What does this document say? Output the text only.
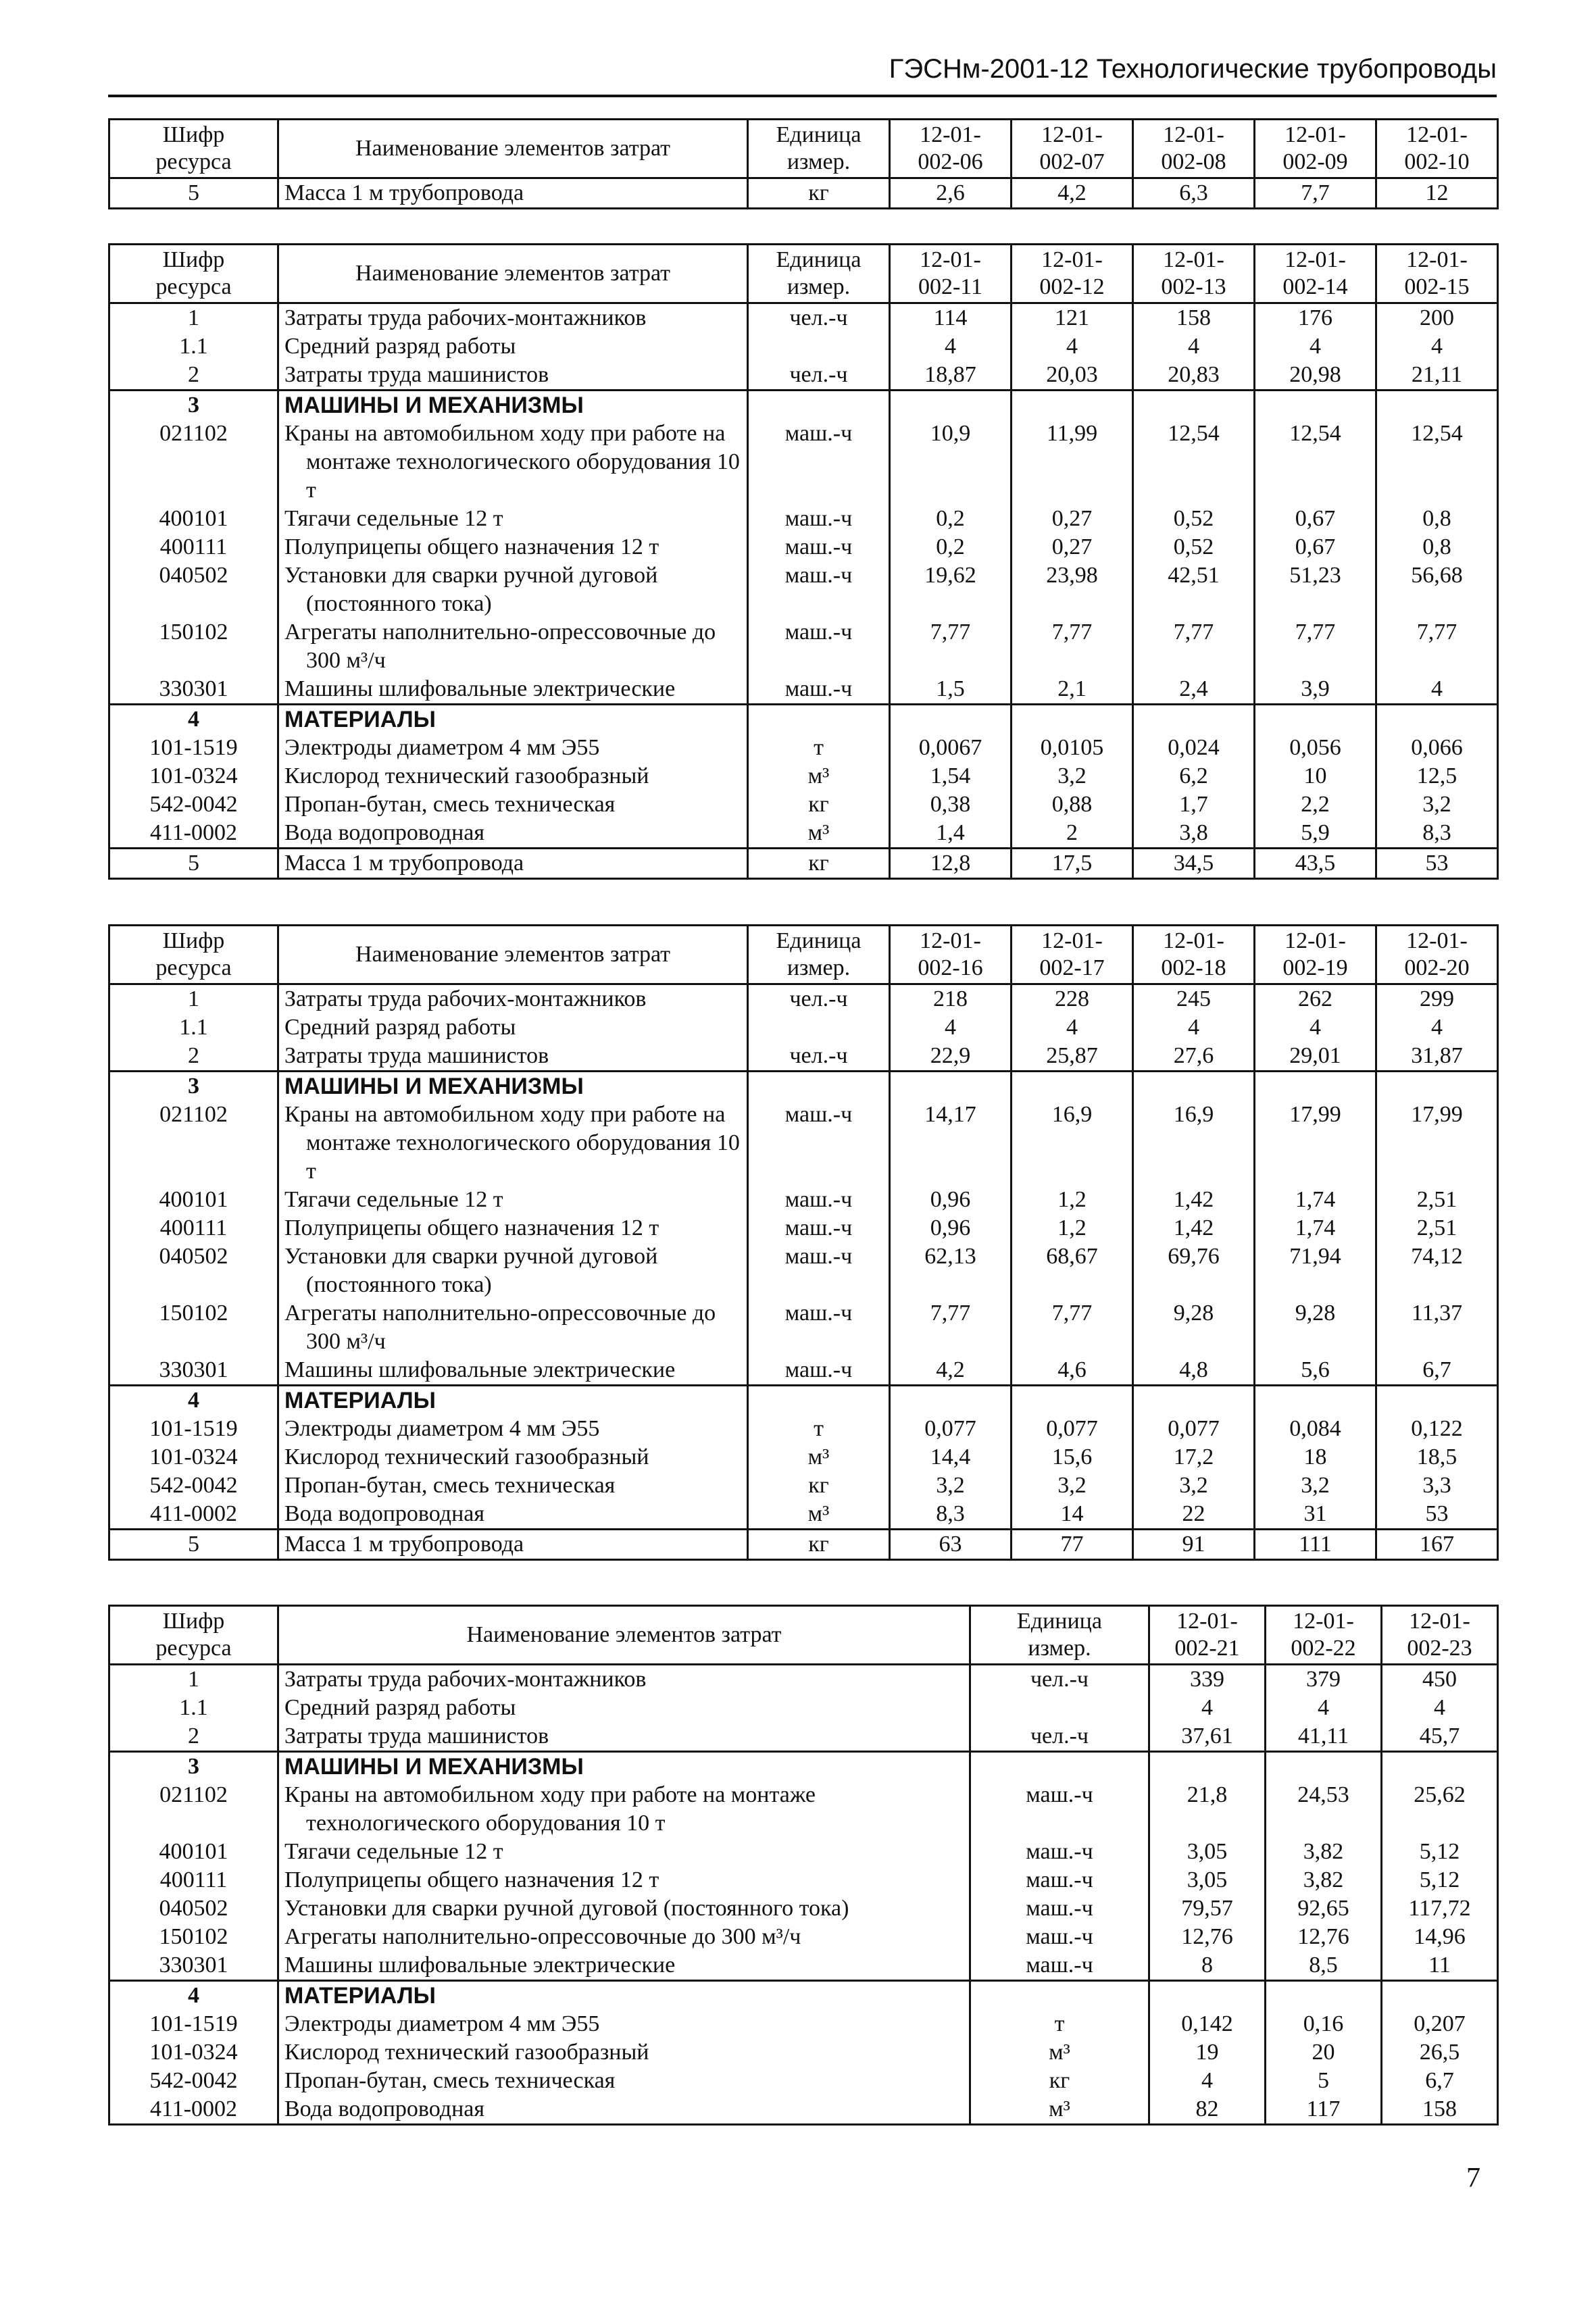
ГЭСНм-2001-12 Технологические трубопроводы
Шифр ресурса	Наименование элементов затрат	Единица измер.	12-01-002-06	12-01-002-07	12-01-002-08	12-01-002-09	12-01-002-10
5	Масса 1 м трубопровода	кг	2,6	4,2	6,3	7,7	12
Шифр ресурса	Наименование элементов затрат	Единица измер.	12-01-002-11	12-01-002-12	12-01-002-13	12-01-002-14	12-01-002-15
1	Затраты труда рабочих-монтажников	чел.-ч	114	121	158	176	200
1.1	Средний разряд работы		4	4	4	4	4
2	Затраты труда машинистов	чел.-ч	18,87	20,03	20,83	20,98	21,11
3	МАШИНЫ И МЕХАНИЗМЫ						

021102	Краны на автомобильном ходу при работе на монтаже технологического оборудования 10 т	маш.-ч	10,9	11,99	12,54	12,54	12,54
400101	Тягачи седельные 12 т	маш.-ч	0,2	0,27	0,52	0,67	0,8
400111	Полуприцепы общего назначения 12 т	маш.-ч	0,2	0,27	0,52	0,67	0,8
040502	Установки для сварки ручной дуговой (постоянного тока)	маш.-ч	19,62	23,98	42,51	51,23	56,68
150102	Агрегаты наполнительно-опрессовочные до 300 м³/ч	маш.-ч	7,77	7,77	7,77	7,77	7,77
330301	Машины шлифовальные электрические	маш.-ч	1,5	2,1	2,4	3,9	4
4	МАТЕРИАЛЫ						

101-1519	Электроды диаметром 4 мм Э55	т	0,0067	0,0105	0,024	0,056	0,066
101-0324	Кислород технический газообразный	м³	1,54	3,2	6,2	10	12,5
542-0042	Пропан-бутан, смесь техническая	кг	0,38	0,88	1,7	2,2	3,2
411-0002	Вода водопроводная	м³	1,4	2	3,8	5,9	8,3
5	Масса 1 м трубопровода	кг	12,8	17,5	34,5	43,5	53
Шифр ресурса	Наименование элементов затрат	Единица измер.	12-01-002-16	12-01-002-17	12-01-002-18	12-01-002-19	12-01-002-20
1	Затраты труда рабочих-монтажников	чел.-ч	218	228	245	262	299
1.1	Средний разряд работы		4	4	4	4	4
2	Затраты труда машинистов	чел.-ч	22,9	25,87	27,6	29,01	31,87
3	МАШИНЫ И МЕХАНИЗМЫ						

021102	Краны на автомобильном ходу при работе на монтаже технологического оборудования 10 т	маш.-ч	14,17	16,9	16,9	17,99	17,99
400101	Тягачи седельные 12 т	маш.-ч	0,96	1,2	1,42	1,74	2,51
400111	Полуприцепы общего назначения 12 т	маш.-ч	0,96	1,2	1,42	1,74	2,51
040502	Установки для сварки ручной дуговой (постоянного тока)	маш.-ч	62,13	68,67	69,76	71,94	74,12
150102	Агрегаты наполнительно-опрессовочные до 300 м³/ч	маш.-ч	7,77	7,77	9,28	9,28	11,37
330301	Машины шлифовальные электрические	маш.-ч	4,2	4,6	4,8	5,6	6,7
4	МАТЕРИАЛЫ						

101-1519	Электроды диаметром 4 мм Э55	т	0,077	0,077	0,077	0,084	0,122
101-0324	Кислород технический газообразный	м³	14,4	15,6	17,2	18	18,5
542-0042	Пропан-бутан, смесь техническая	кг	3,2	3,2	3,2	3,2	3,3
411-0002	Вода водопроводная	м³	8,3	14	22	31	53
5	Масса 1 м трубопровода	кг	63	77	91	111	167
Шифр ресурса	Наименование элементов затрат	Единица измер.	12-01-002-21	12-01-002-22	12-01-002-23
1	Затраты труда рабочих-монтажников	чел.-ч	339	379	450
1.1	Средний разряд работы		4	4	4
2	Затраты труда машинистов	чел.-ч	37,61	41,11	45,7
3	МАШИНЫ И МЕХАНИЗМЫ				

021102	Краны на автомобильном ходу при работе на монтаже технологического оборудования 10 т	маш.-ч	21,8	24,53	25,62
400101	Тягачи седельные 12 т	маш.-ч	3,05	3,82	5,12
400111	Полуприцепы общего назначения 12 т	маш.-ч	3,05	3,82	5,12
040502	Установки для сварки ручной дуговой (постоянного тока)	маш.-ч	79,57	92,65	117,72
150102	Агрегаты наполнительно-опрессовочные до 300 м³/ч	маш.-ч	12,76	12,76	14,96
330301	Машины шлифовальные электрические	маш.-ч	8	8,5	11
4	МАТЕРИАЛЫ				

101-1519	Электроды диаметром 4 мм Э55	т	0,142	0,16	0,207
101-0324	Кислород технический газообразный	м³	19	20	26,5
542-0042	Пропан-бутан, смесь техническая	кг	4	5	6,7
411-0002	Вода водопроводная	м³	82	117	158
7
